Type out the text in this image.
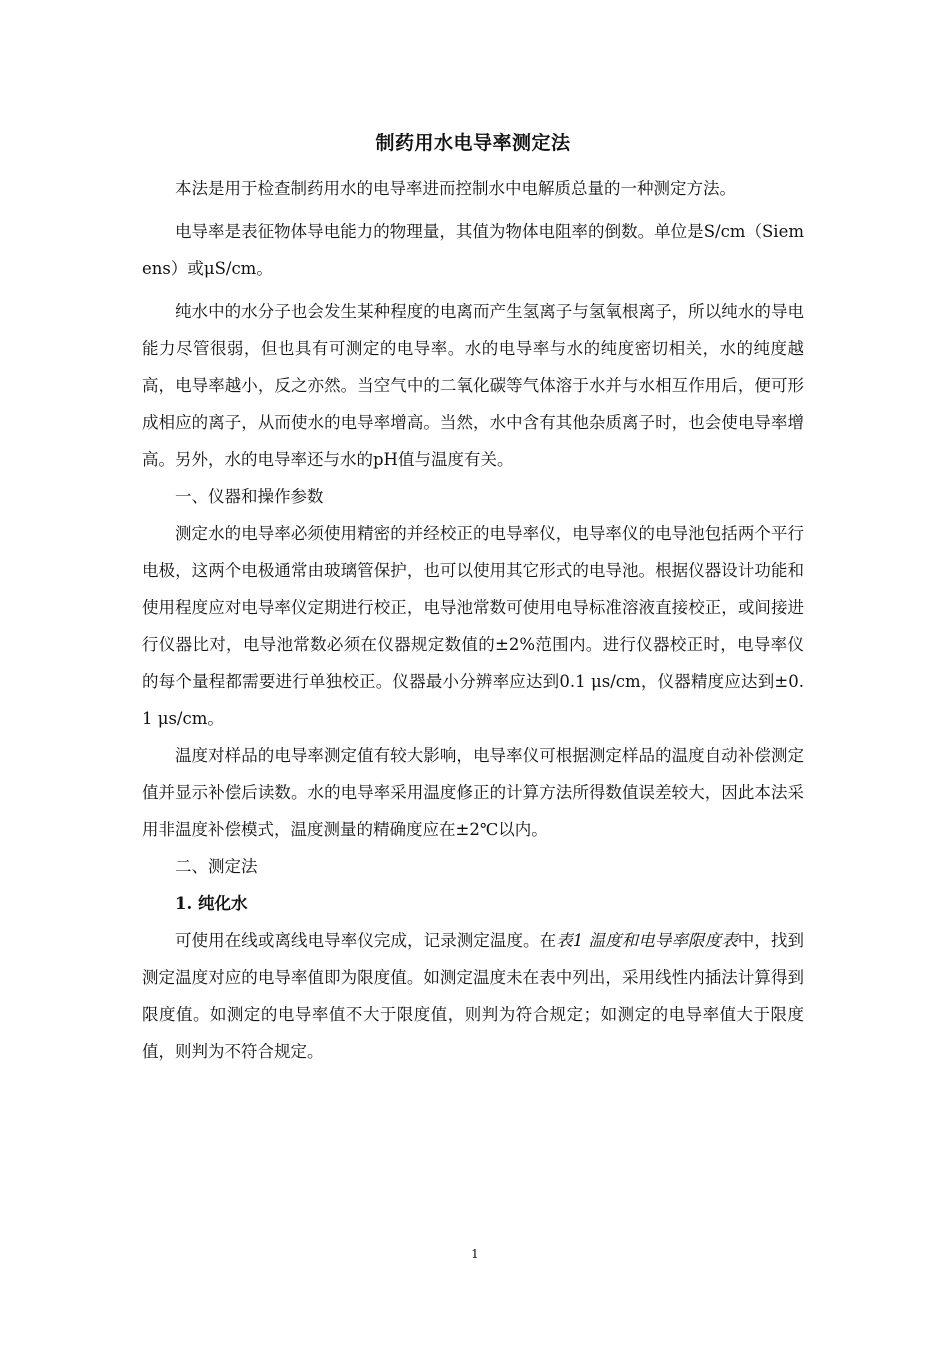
制药用水电导率测定法

本法是用于检查制药用水的电导率进而控制水中电解质总量的一种测定方法。

电导率是表征物体导电能力的物理量，其值为物体电阻率的倒数。单位是S/cm（Siemens）或μS/cm。

纯水中的水分子也会发生某种程度的电离而产生氢离子与氢氧根离子，所以纯水的导电能力尽管很弱，但也具有可测定的电导率。水的电导率与水的纯度密切相关，水的纯度越高，电导率越小，反之亦然。当空气中的二氧化碳等气体溶于水并与水相互作用后，便可形成相应的离子，从而使水的电导率增高。当然，水中含有其他杂质离子时，也会使电导率增高。另外，水的电导率还与水的pH值与温度有关。

一、仪器和操作参数

测定水的电导率必须使用精密的并经校正的电导率仪，电导率仪的电导池包括两个平行电极，这两个电极通常由玻璃管保护，也可以使用其它形式的电导池。根据仪器设计功能和使用程度应对电导率仪定期进行校正，电导池常数可使用电导标准溶液直接校正，或间接进行仪器比对，电导池常数必须在仪器规定数值的±2%范围内。进行仪器校正时，电导率仪的每个量程都需要进行单独校正。仪器最小分辨率应达到0.1 μs/cm，仪器精度应达到±0.1 μs/cm。

温度对样品的电导率测定值有较大影响，电导率仪可根据测定样品的温度自动补偿测定值并显示补偿后读数。水的电导率采用温度修正的计算方法所得数值误差较大，因此本法采用非温度补偿模式，温度测量的精确度应在±2℃以内。

二、测定法

1. 纯化水

可使用在线或离线电导率仪完成，记录测定温度。在表1 温度和电导率限度表中，找到测定温度对应的电导率值即为限度值。如测定温度未在表中列出，采用线性内插法计算得到限度值。如测定的电导率值不大于限度值，则判为符合规定；如测定的电导率值大于限度值，则判为不符合规定。

1
